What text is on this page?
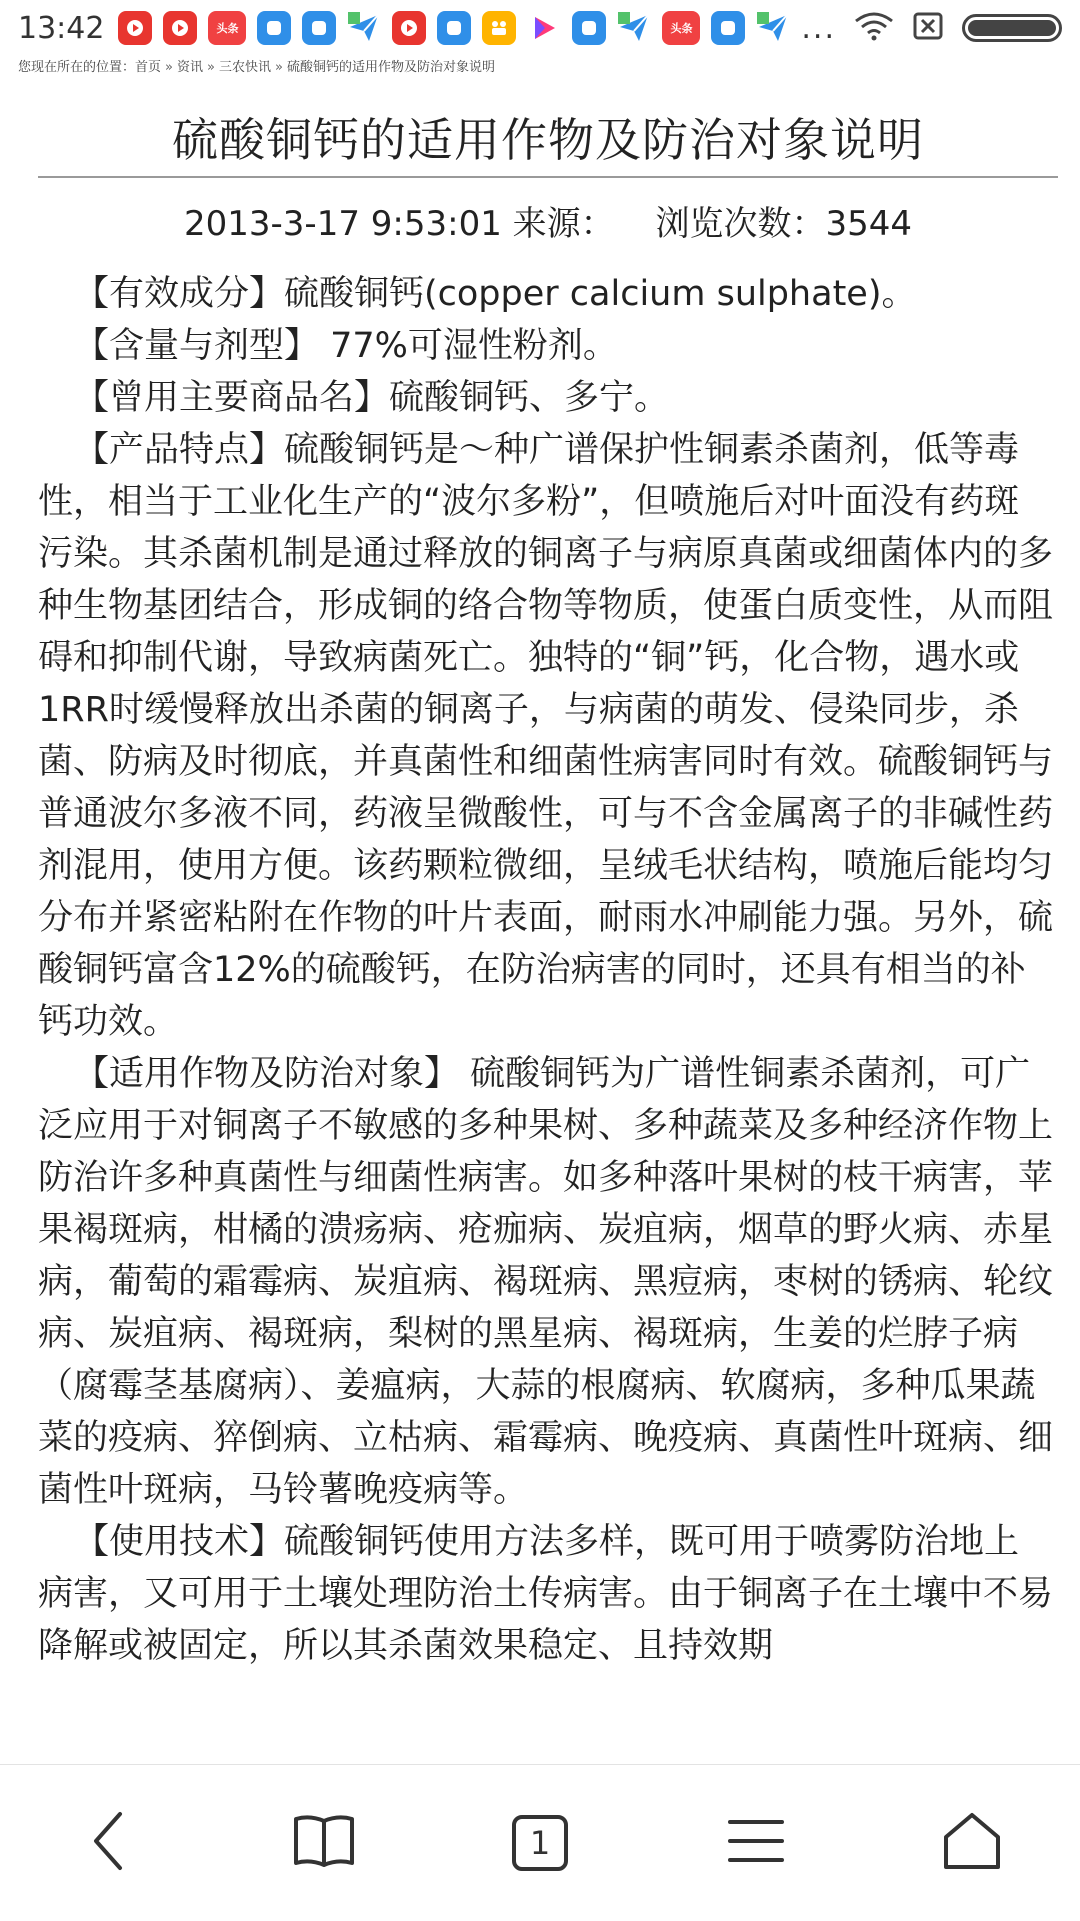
13:42	头条	头条	...
您现在所在的位置：首页 » 资讯 » 三农快讯 » 硫酸铜钙的适用作物及防治对象说明
硫酸铜钙的适用作物及防治对象说明
2013-3-17 9:53:01 来源： 浏览次数：3544

【有效成分】硫酸铜钙(copper calcium sulphate)。

【含量与剂型】 77%可湿性粉剂。

【曾用主要商品名】硫酸铜钙、多宁。

【产品特点】硫酸铜钙是～种广谱保护性铜素杀菌剂，低等毒性，相当于工业化生产的“波尔多粉”，但喷施后对叶面没有药斑污染。其杀菌机制是通过释放的铜离子与病原真菌或细菌体内的多种生物基团结合，形成铜的络合物等物质，使蛋白质变性，从而阻碍和抑制代谢，导致病菌死亡。独特的“铜”钙，化合物，遇水或1RR时缓慢释放出杀菌的铜离子，与病菌的萌发、侵染同步，杀菌、防病及时彻底，并真菌性和细菌性病害同时有效。硫酸铜钙与普通波尔多液不同，药液呈微酸性，可与不含金属离子的非碱性药剂混用，使用方便。该药颗粒微细，呈绒毛状结构，喷施后能均匀分布并紧密粘附在作物的叶片表面，耐雨水冲刷能力强。另外，硫酸铜钙富含12%的硫酸钙，在防治病害的同时，还具有相当的补钙功效。

【适用作物及防治对象】 硫酸铜钙为广谱性铜素杀菌剂，可广泛应用于对铜离子不敏感的多种果树、多种蔬菜及多种经济作物上防治许多种真菌性与细菌性病害。如多种落叶果树的枝干病害，苹果褐斑病，柑橘的溃疡病、疮痂病、炭疽病，烟草的野火病、赤星病，葡萄的霜霉病、炭疽病、褐斑病、黑痘病，枣树的锈病、轮纹病、炭疽病、褐斑病，梨树的黑星病、褐斑病，生姜的烂脖子病（腐霉茎基腐病）、姜瘟病，大蒜的根腐病、软腐病，多种瓜果蔬菜的疫病、猝倒病、立枯病、霜霉病、晚疫病、真菌性叶斑病、细菌性叶斑病，马铃薯晚疫病等。

【使用技术】硫酸铜钙使用方法多样，既可用于喷雾防治地上病害，又可用于土壤处理防治土传病害。由于铜离子在土壤中不易降解或被固定，所以其杀菌效果稳定、且持效期

1
